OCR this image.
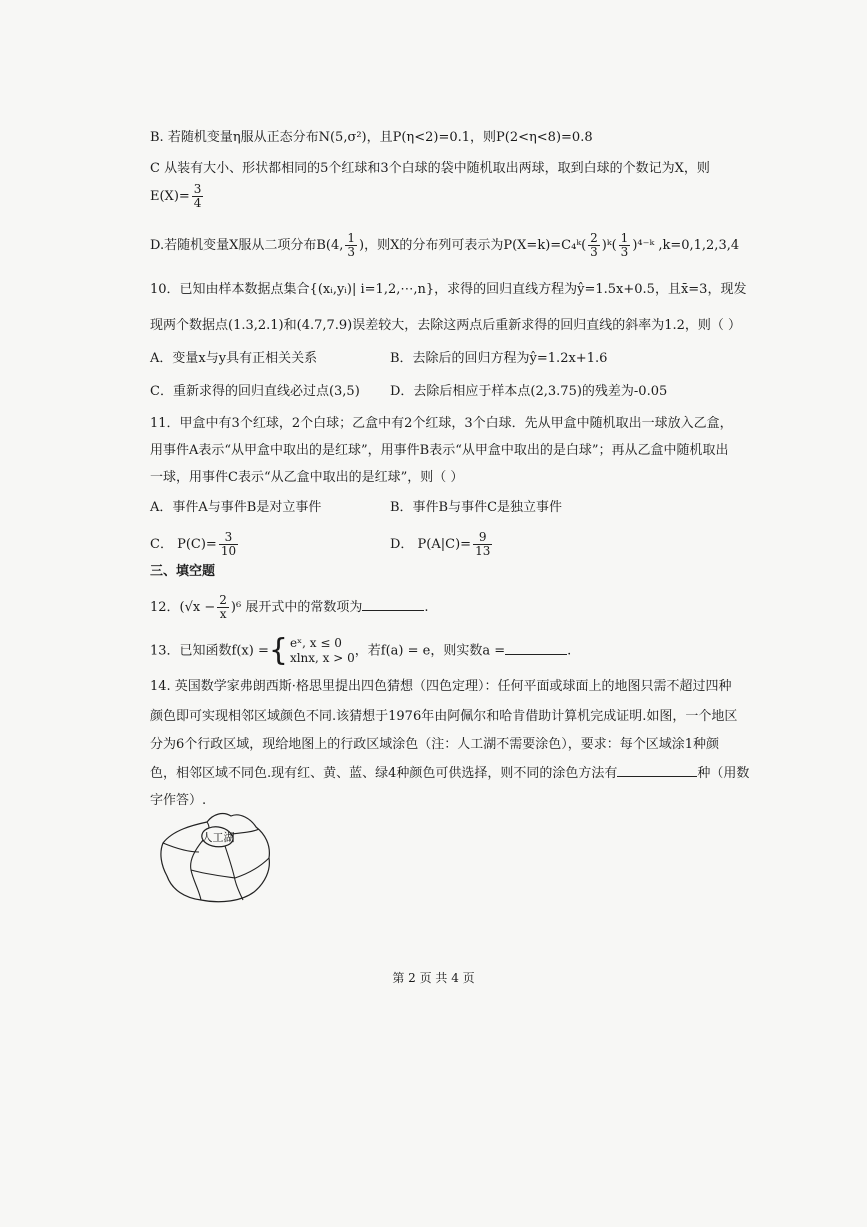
B. 若随机变量η服从正态分布N(5,σ²)，且P(η<2)=0.1，则P(2<η<8)=0.8
C 从装有大小、形状都相同的5个红球和3个白球的袋中随机取出两球，取到白球的个数记为X，则
$E(X)= \frac{3}{4}$
D.若随机变量X服从二项分布B(4, $\frac{1}{3}$ )，则X的分布列可表示为P(X=k)=C₄ᵏ( $\frac{2}{3}$ )ᵏ( $\frac{1}{3}$ )⁴⁻ᵏ ,k=0,1,2,3,4
10．已知由样本数据点集合{(xᵢ,yᵢ)| i=1,2,⋯,n}，求得的回归直线方程为ŷ=1.5x+0.5，且x̄=3，现发
现两个数据点(1.3,2.1)和(4.7,7.9)误差较大，去除这两点后重新求得的回归直线的斜率为1.2，则（ ）
A．变量x与y具有正相关关系	B．去除后的回归方程为ŷ=1.2x+1.6
C．重新求得的回归直线必过点(3,5) D．去除后相应于样本点(2,3.75)的残差为-0.05
11．甲盒中有3个红球，2个白球；乙盒中有2个红球，3个白球．先从甲盒中随机取出一球放入乙盒，
用事件A表示“从甲盒中取出的是红球”，用事件B表示“从甲盒中取出的是白球”；再从乙盒中随机取出
一球，用事件C表示“从乙盒中取出的是红球”，则（ ）
A．事件A与事件B是对立事件	B．事件B与事件C是独立事件
C． $P(C)= \frac{3}{10}$	D． $P(A|C)= \frac{9}{13}$
三、填空题
12．$(√x - \frac{2}{x} )^6$ 展开式中的常数项为	.
13．已知函数f(x) ={ eˣ, x ≤ 0
xlnx, x > 0 ，若f(a) = e，则实数a =	.
14. 英国数学家弗朗西斯·格思里提出四色猜想（四色定理）：任何平面或球面上的地图只需不超过四种
颜色即可实现相邻区域颜色不同.该猜想于1976年由阿佩尔和哈肯借助计算机完成证明.如图，一个地区
分为6个行政区域，现给地图上的行政区域涂色（注：人工湖不需要涂色），要求：每个区域涂1种颜
色，相邻区域不同色.现有红、黄、蓝、绿4种颜色可供选择，则不同的涂色方法有	种（用数
字作答）.
人工湖
第 2 页 共 4 页
